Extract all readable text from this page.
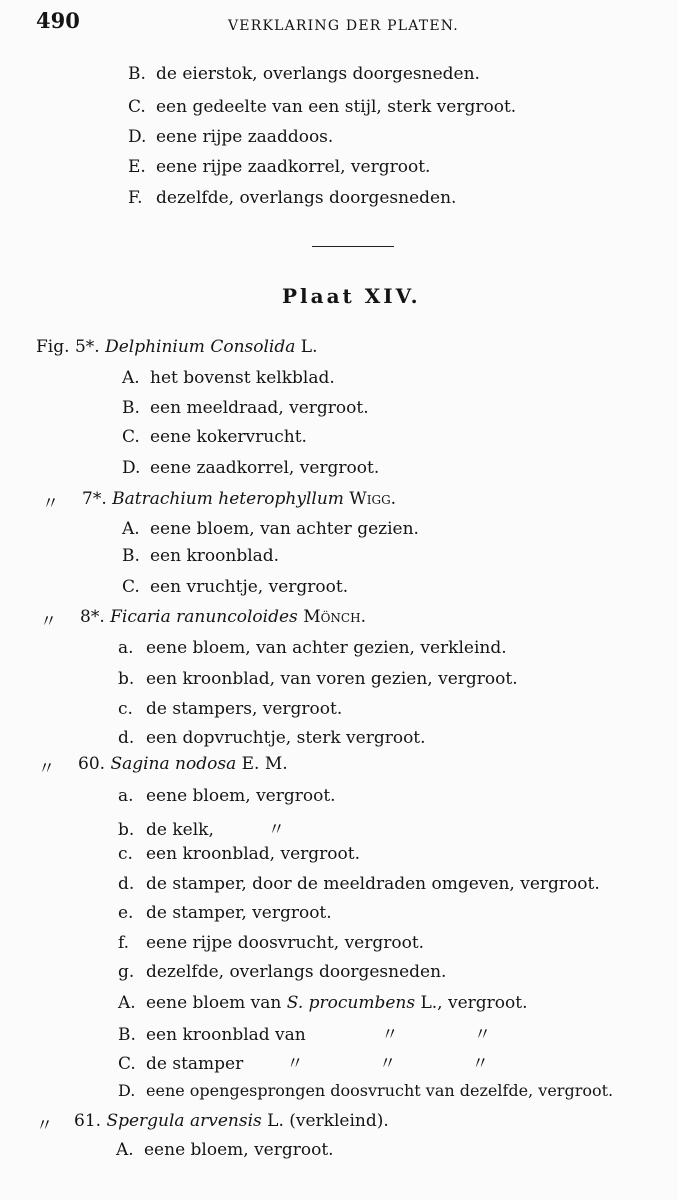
490	VERKLARING DER PLATEN.
B. de eierstok, overlangs doorgesneden.
C. een gedeelte van een stijl, sterk vergroot.
D. eene rijpe zaaddoos.
E. eene rijpe zaadkorrel, vergroot.
F. dezelfde, overlangs doorgesneden.
Plaat XIV.
Fig. 5*. Delphinium Consolida L.
A. het bovenst kelkblad.
B. een meeldraad, vergroot.
C. eene kokervrucht.
D. eene zaadkorrel, vergroot.
〃 7*. Batrachium heterophyllum Wigg.
A. eene bloem, van achter gezien.
B. een kroonblad.
C. een vruchtje, vergroot.
〃 8*. Ficaria ranuncoloides Mönch.
a. eene bloem, van achter gezien, verkleind.
b. een kroonblad, van voren gezien, vergroot.
c. de stampers, vergroot.
d. een dopvruchtje, sterk vergroot.
〃 60. Sagina nodosa E. M.
a. eene bloem, vergroot.
b. de kelk,          〃
c. een kroonblad, vergroot.
d. de stamper, door de meeldraden omgeven, vergroot.
e. de stamper, vergroot.
f. eene rijpe doosvrucht, vergroot.
g. dezelfde, overlangs doorgesneden.
A. eene bloem van S. procumbens L., vergroot.
B. een kroonblad van              〃              〃
C. de stamper        〃              〃              〃
D. eene opengesprongen doosvrucht van dezelfde, vergroot.
〃 61. Spergula arvensis L. (verkleind).
A. eene bloem, vergroot.
